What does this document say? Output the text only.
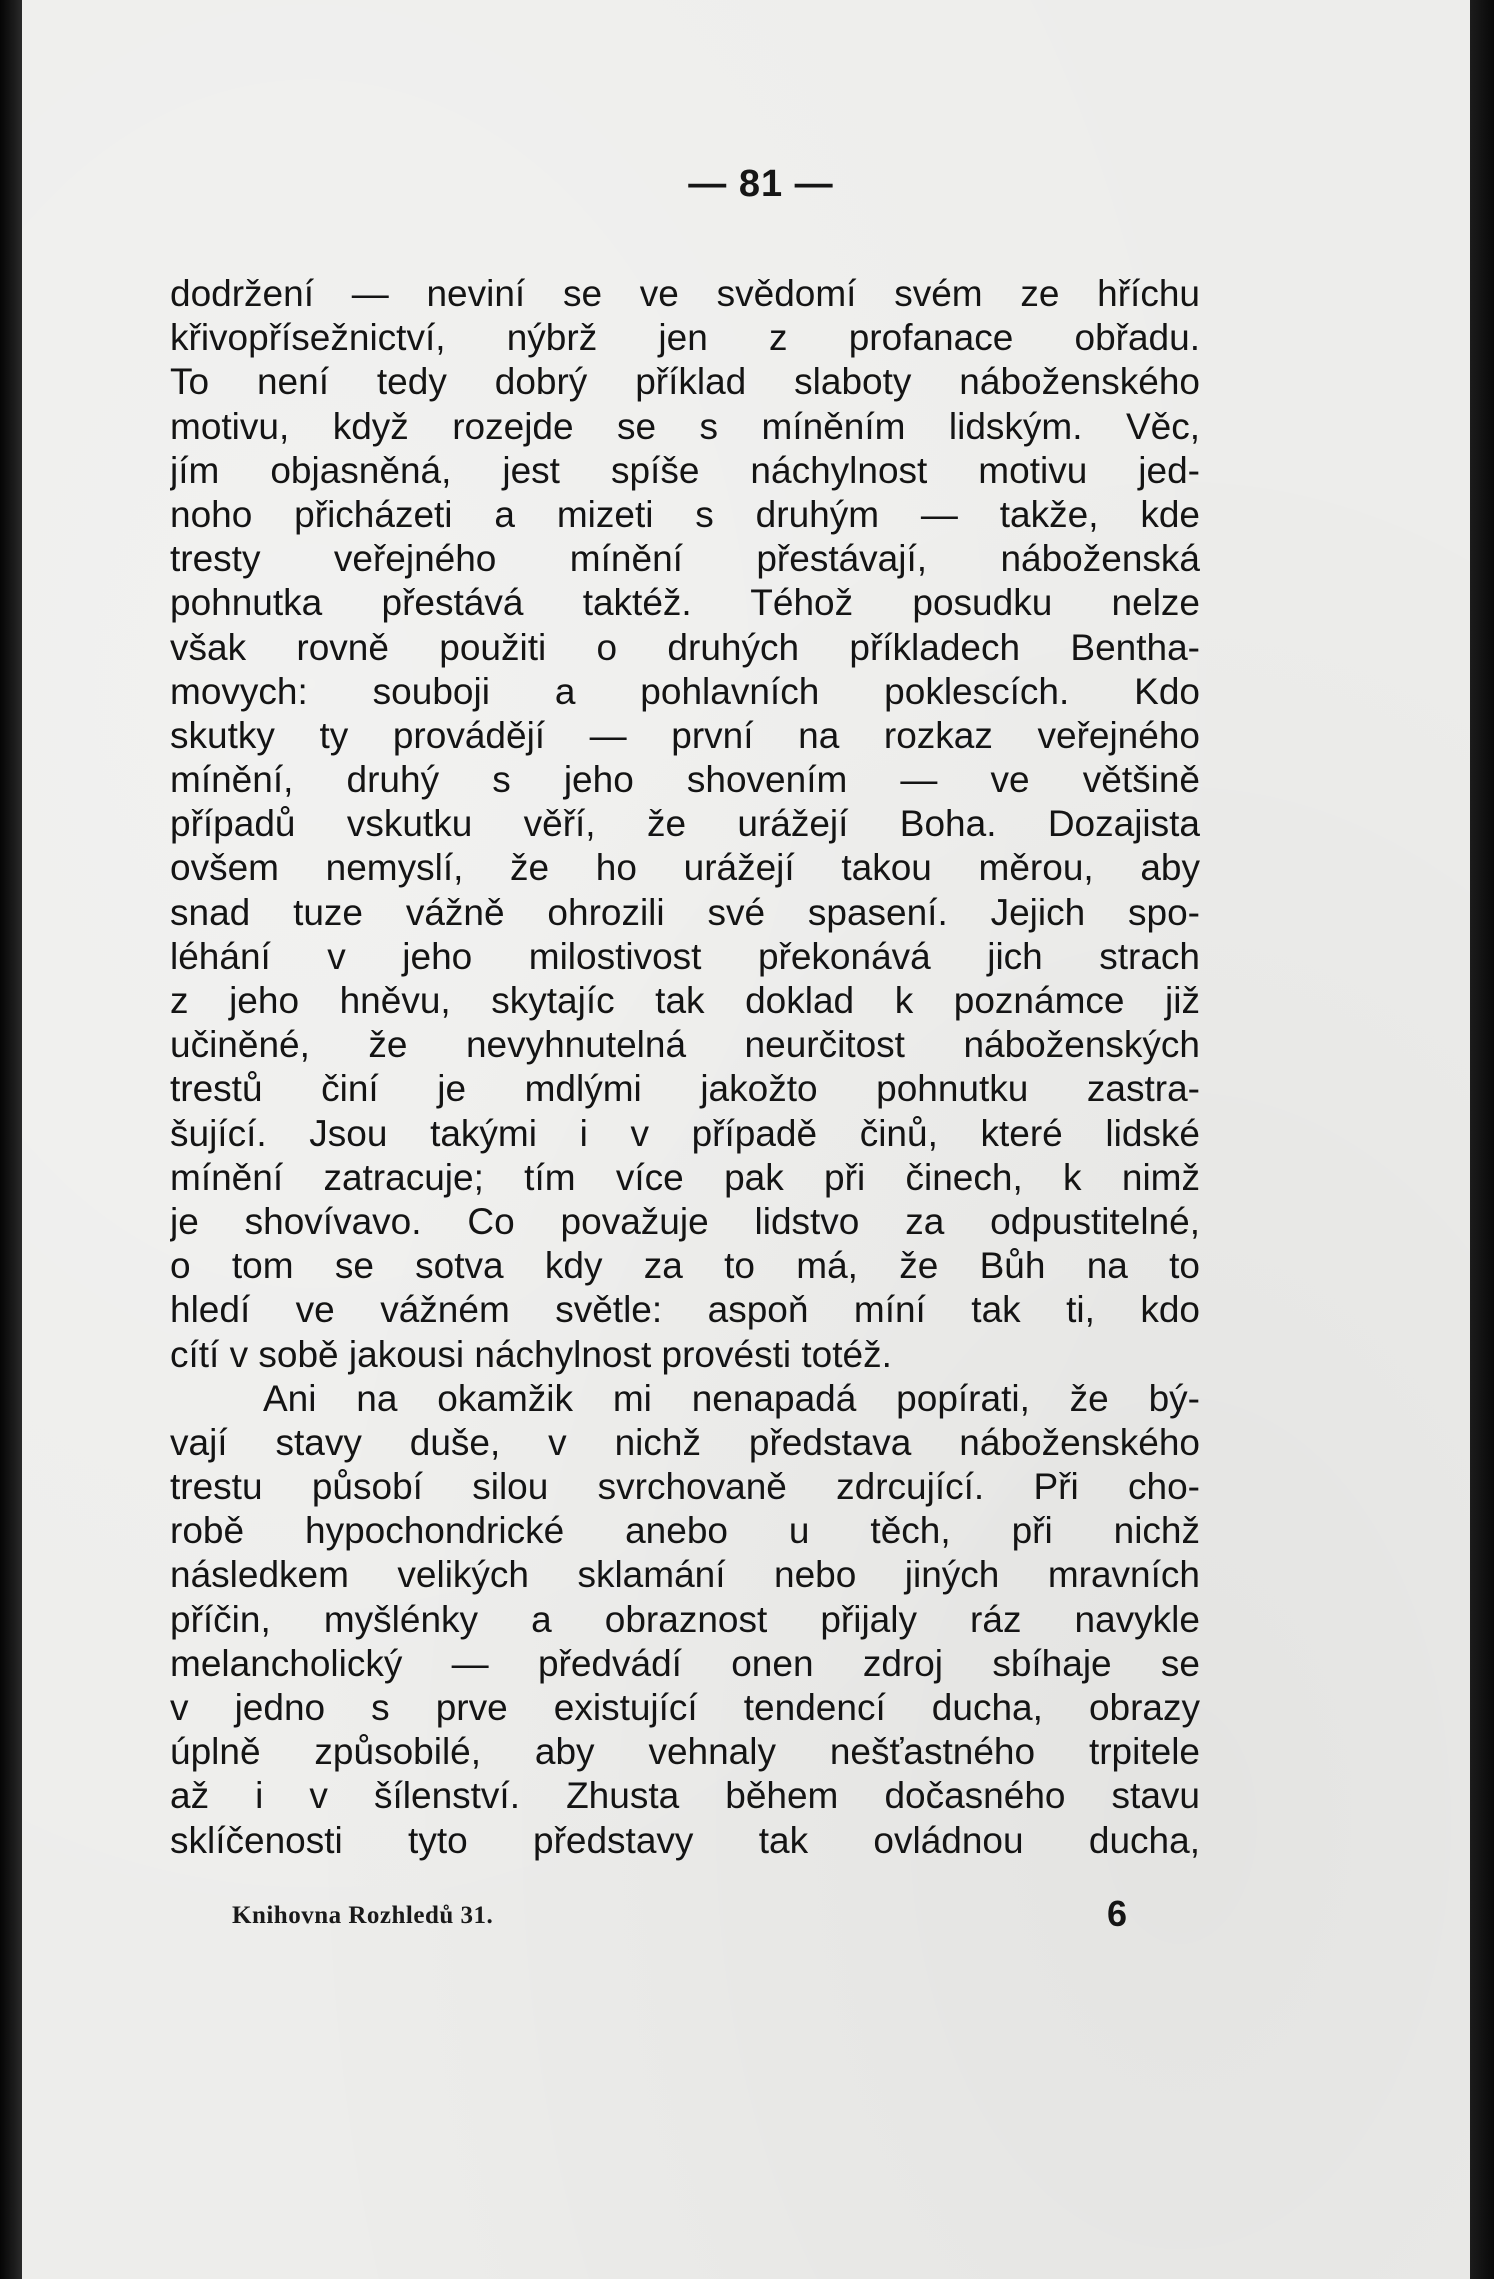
— 81 —
dodržení — neviní se ve svědomí svém ze hříchu
křivopřísežnictví, nýbrž jen z profanace obřadu.
To není tedy dobrý příklad slaboty náboženského
motivu, když rozejde se s míněním lidským. Věc,
jím objasněná, jest spíše náchylnost motivu jed-
noho přicházeti a mizeti s druhým — takže, kde
tresty veřejného mínění přestávají, náboženská
pohnutka přestává taktéž. Téhož posudku nelze
však rovně použiti o druhých příkladech Bentha-
movych: souboji a pohlavních poklescích. Kdo
skutky ty provádějí — první na rozkaz veřejného
mínění, druhý s jeho shovením — ve většině
případů vskutku věří, že urážejí Boha. Dozajista
ovšem nemyslí, že ho urážejí takou měrou, aby
snad tuze vážně ohrozili své spasení. Jejich spo-
léhání v jeho milostivost překonává jich strach
z jeho hněvu, skytajíc tak doklad k poznámce již
učiněné, že nevyhnutelná neurčitost náboženských
trestů činí je mdlými jakožto pohnutku zastra-
šující. Jsou takými i v případě činů, které lidské
mínění zatracuje; tím více pak při činech, k nimž
je shovívavo. Co považuje lidstvo za odpustitelné,
o tom se sotva kdy za to má, že Bůh na to
hledí ve vážném světle: aspoň míní tak ti, kdo
cítí v sobě jakousi náchylnost provésti totéž.
Ani na okamžik mi nenapadá popírati, že bý-
vají stavy duše, v nichž představa náboženského
trestu působí silou svrchovaně zdrcující. Při cho-
robě hypochondrické anebo u těch, při nichž
následkem velikých sklamání nebo jiných mravních
příčin, myšlénky a obraznost přijaly ráz navykle
melancholický — předvádí onen zdroj sbíhaje se
v jedno s prve existující tendencí ducha, obrazy
úplně způsobilé, aby vehnaly nešťastného trpitele
až i v šílenství. Zhusta během dočasného stavu
sklíčenosti tyto představy tak ovládnou ducha,
Knihovna Rozhledů 31.	6
